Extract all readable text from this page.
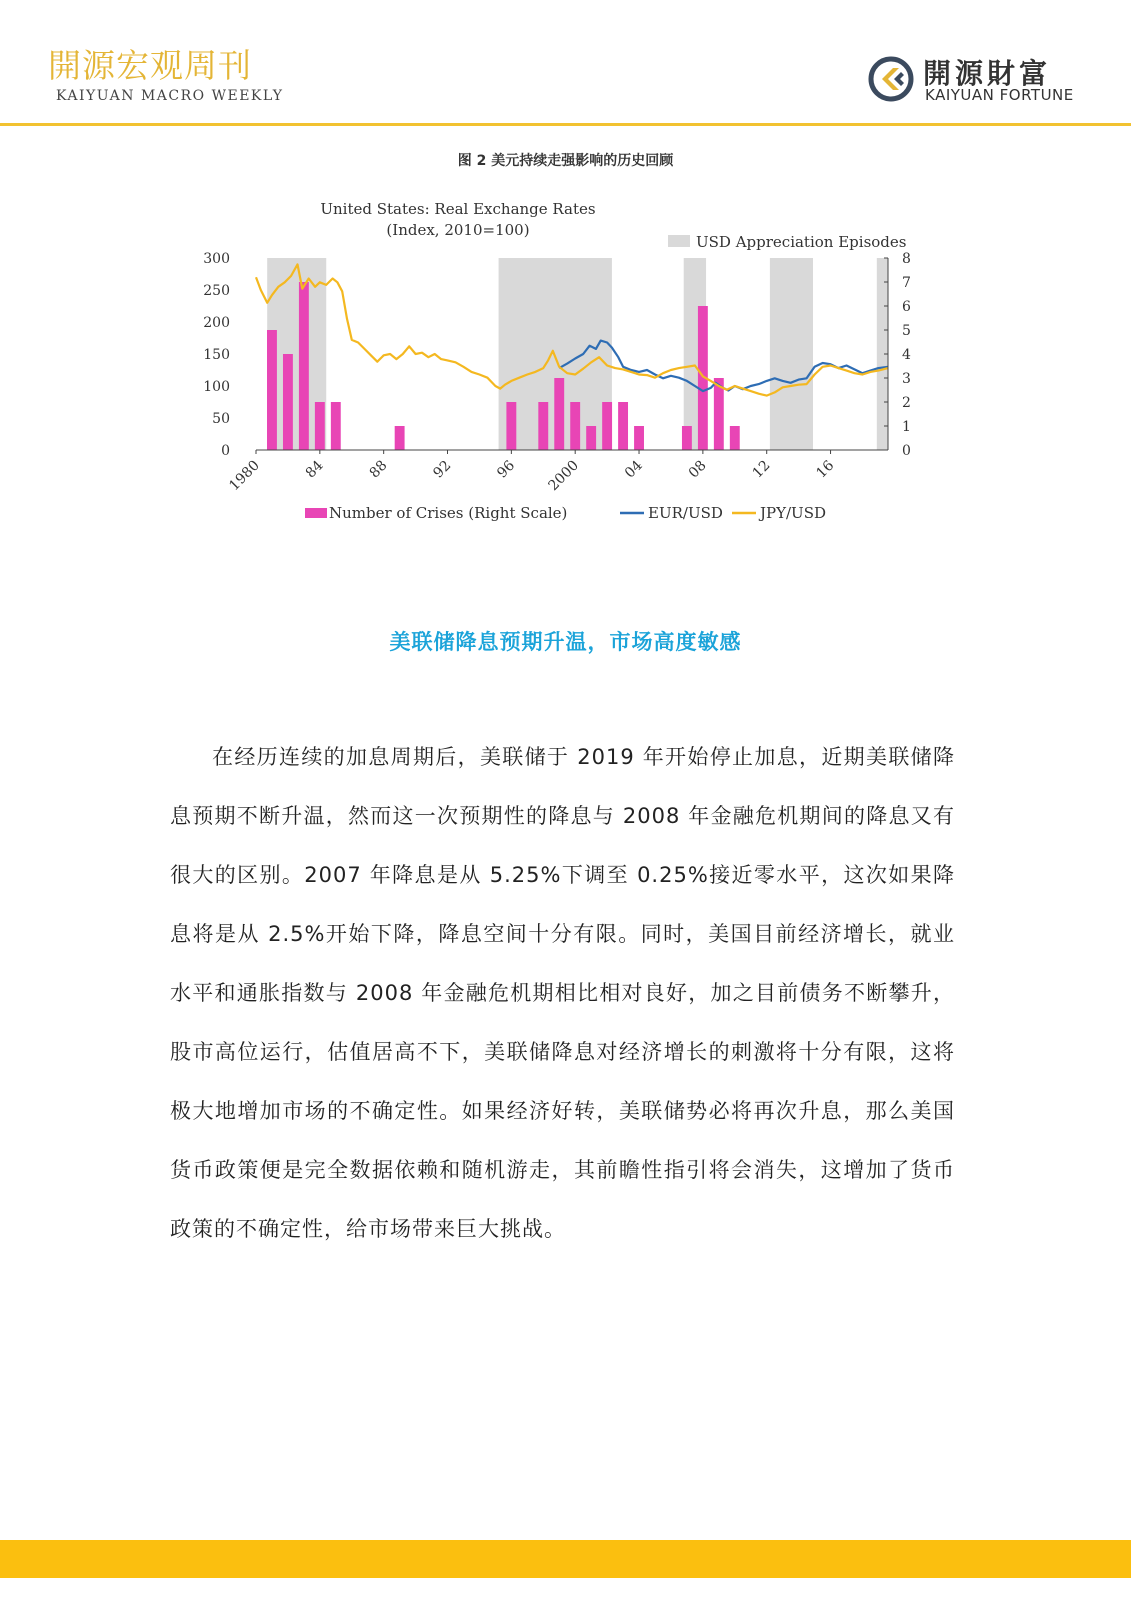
開源宏观周刊
KAIYUAN MACRO WEEKLY
開源財富
KAIYUAN FORTUNE
图 2 美元持续走强影响的历史回顾
0
50
100
150
200
250
300
0
1
2
3
4
5
6
7
8
1980	84	88	92	96 2000	04	08	12	16
United States: Real Exchange Rates
(Index, 2010=100)
USD Appreciation Episodes
Number of Crises (Right Scale)	EUR/USD JPY/USD
美联储降息预期升温，市场高度敏感

在经历连续的加息周期后，美联储于 2019 年开始停止加息，近期美联储降息预期不断升温，然而这一次预期性的降息与 2008 年金融危机期间的降息又有很大的区别。2007 年降息是从 5.25%下调至 0.25%接近零水平，这次如果降息将是从 2.5%开始下降，降息空间十分有限。同时，美国目前经济增长，就业水平和通胀指数与 2008 年金融危机期相比相对良好，加之目前债务不断攀升，股市高位运行，估值居高不下，美联储降息对经济增长的刺激将十分有限，这将极大地增加市场的不确定性。如果经济好转，美联储势必将再次升息，那么美国货币政策便是完全数据依赖和随机游走，其前瞻性指引将会消失，这增加了货币政策的不确定性，给市场带来巨大挑战。
